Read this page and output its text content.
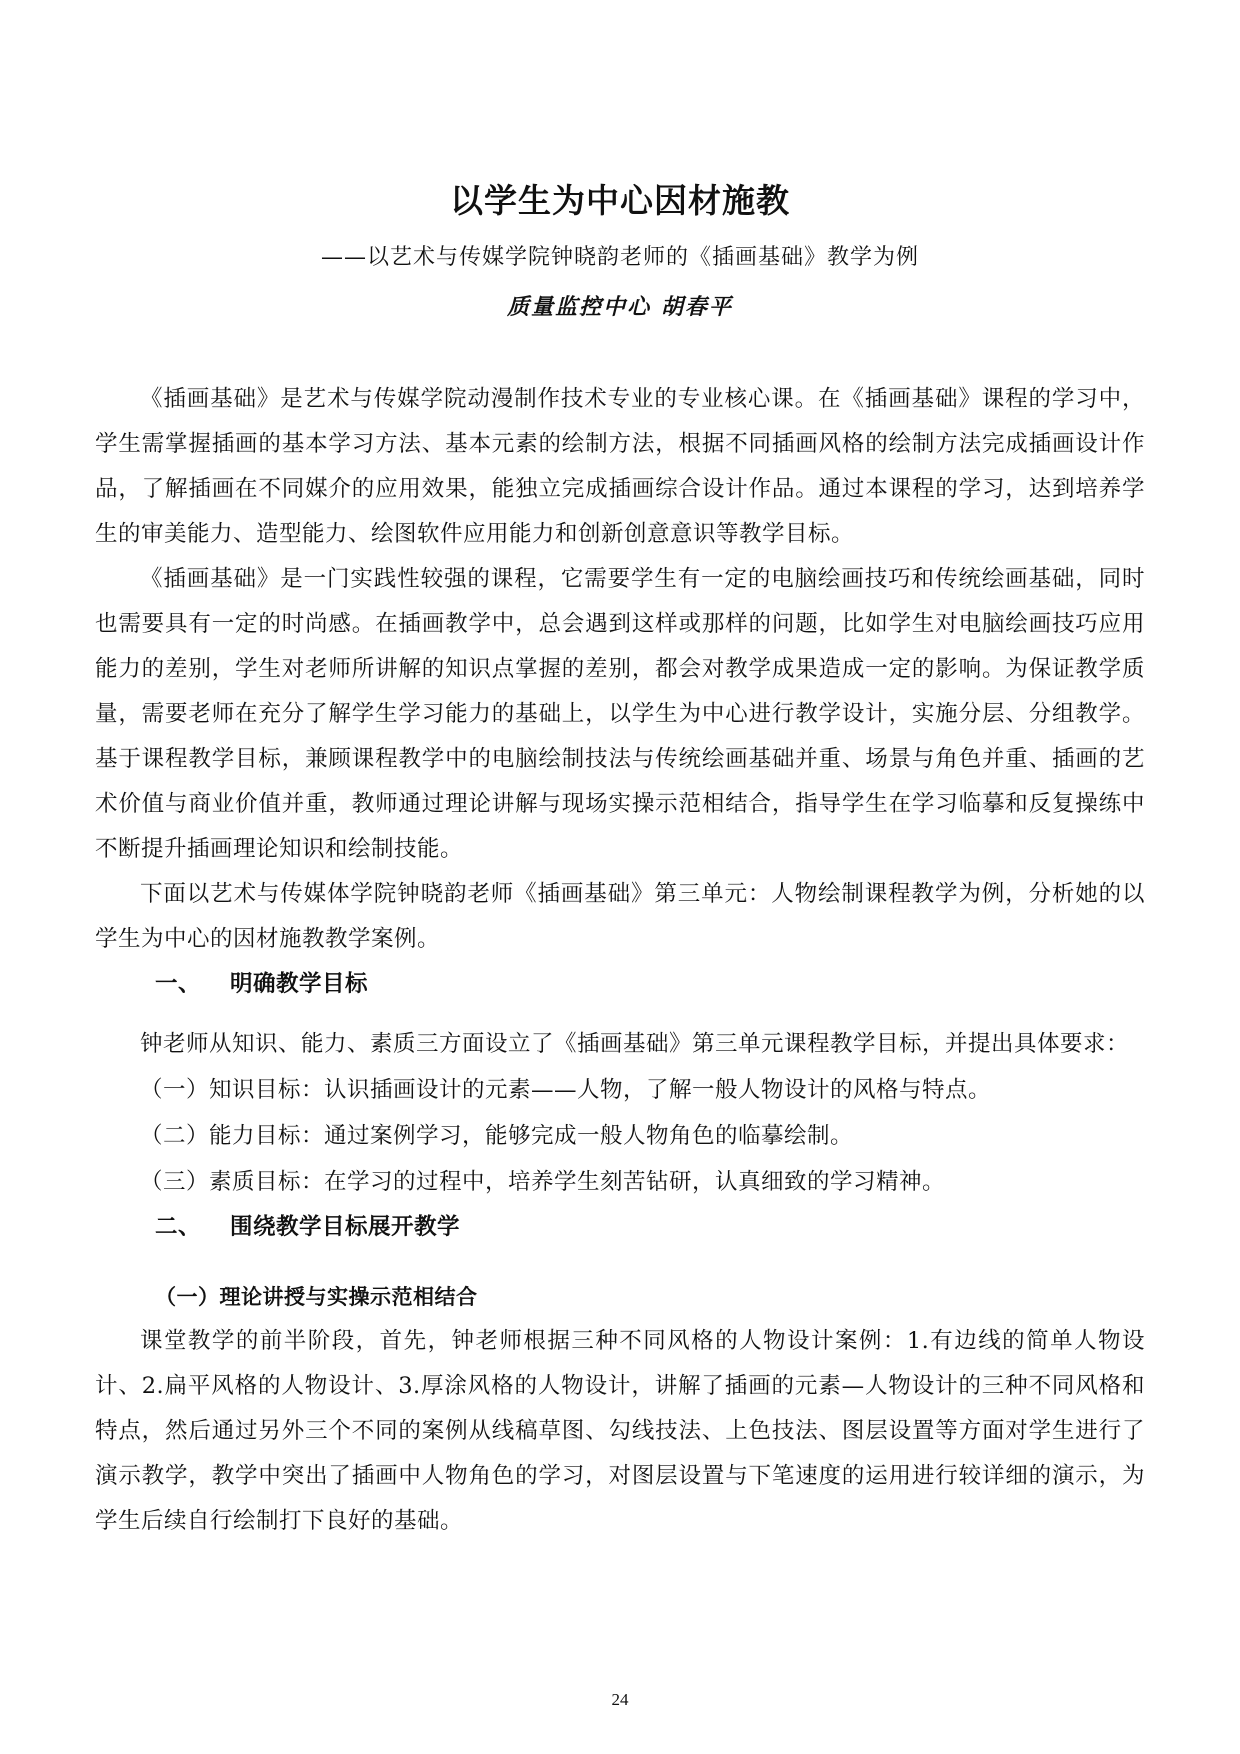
以学生为中心因材施教
——以艺术与传媒学院钟晓韵老师的《插画基础》教学为例
质量监控中心 胡春平

《插画基础》是艺术与传媒学院动漫制作技术专业的专业核心课。在《插画基础》课程的学习中，学生需掌握插画的基本学习方法、基本元素的绘制方法，根据不同插画风格的绘制方法完成插画设计作品，了解插画在不同媒介的应用效果，能独立完成插画综合设计作品。通过本课程的学习，达到培养学生的审美能力、造型能力、绘图软件应用能力和创新创意意识等教学目标。

《插画基础》是一门实践性较强的课程，它需要学生有一定的电脑绘画技巧和传统绘画基础，同时也需要具有一定的时尚感。在插画教学中，总会遇到这样或那样的问题，比如学生对电脑绘画技巧应用能力的差别，学生对老师所讲解的知识点掌握的差别，都会对教学成果造成一定的影响。为保证教学质量，需要老师在充分了解学生学习能力的基础上，以学生为中心进行教学设计，实施分层、分组教学。基于课程教学目标，兼顾课程教学中的电脑绘制技法与传统绘画基础并重、场景与角色并重、插画的艺术价值与商业价值并重，教师通过理论讲解与现场实操示范相结合，指导学生在学习临摹和反复操练中不断提升插画理论知识和绘制技能。

下面以艺术与传媒体学院钟晓韵老师《插画基础》第三单元：人物绘制课程教学为例，分析她的以学生为中心的因材施教教学案例。

一、 明确教学目标

钟老师从知识、能力、素质三方面设立了《插画基础》第三单元课程教学目标，并提出具体要求：

（一）知识目标：认识插画设计的元素——人物，了解一般人物设计的风格与特点。

（二）能力目标：通过案例学习，能够完成一般人物角色的临摹绘制。

（三）素质目标：在学习的过程中，培养学生刻苦钻研，认真细致的学习精神。

二、 围绕教学目标展开教学
（一）理论讲授与实操示范相结合

课堂教学的前半阶段，首先，钟老师根据三种不同风格的人物设计案例：1.有边线的简单人物设计、2.扁平风格的人物设计、3.厚涂风格的人物设计，讲解了插画的元素—人物设计的三种不同风格和特点，然后通过另外三个不同的案例从线稿草图、勾线技法、上色技法、图层设置等方面对学生进行了演示教学，教学中突出了插画中人物角色的学习，对图层设置与下笔速度的运用进行较详细的演示，为学生后续自行绘制打下良好的基础。

24
